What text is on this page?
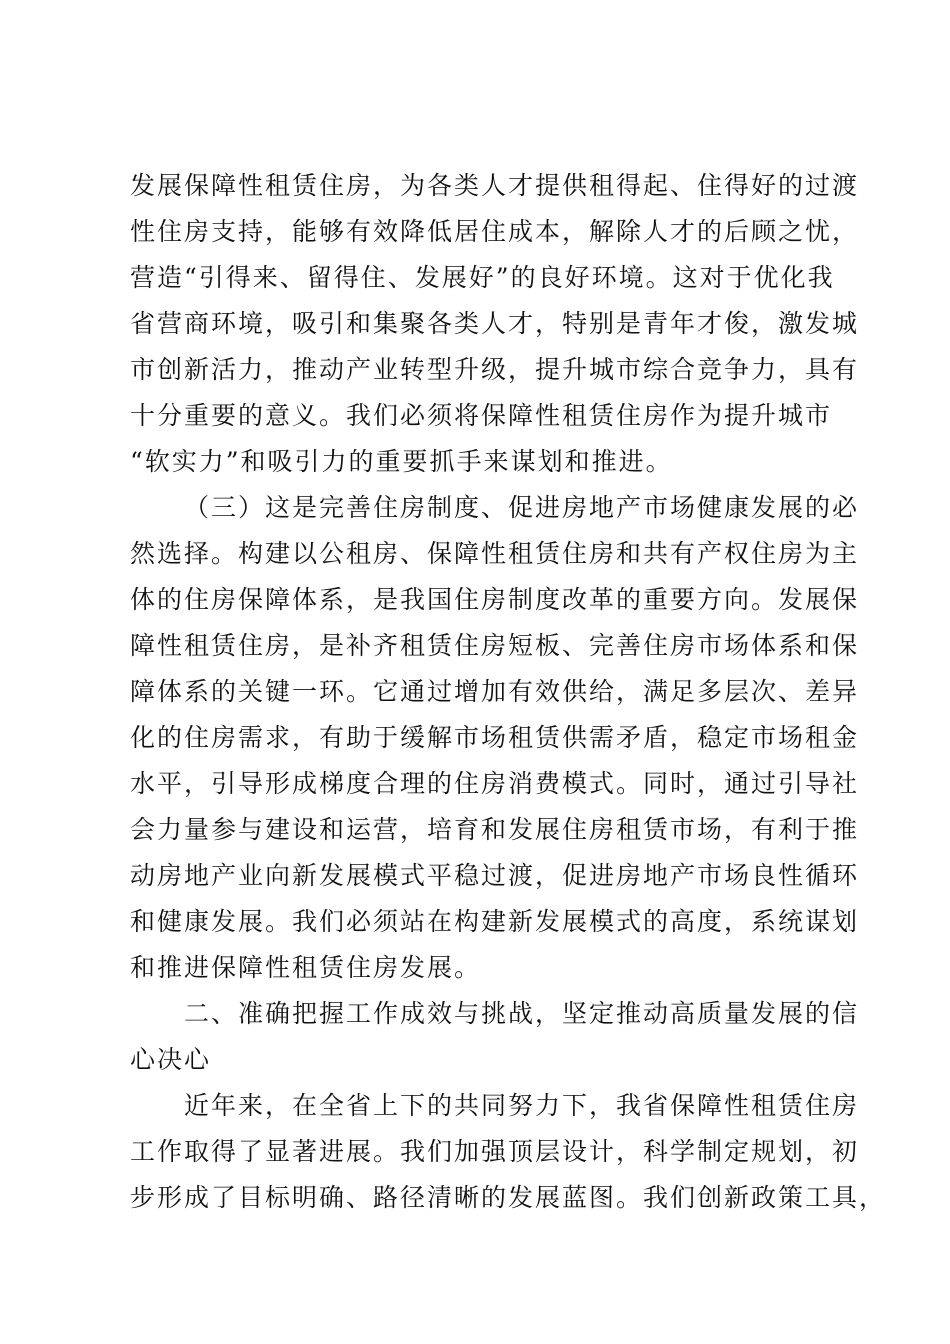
发展保障性租赁住房，为各类人才提供租得起、住得好的过渡
性住房支持，能够有效降低居住成本，解除人才的后顾之忧，
营造“引得来、留得住、发展好”的良好环境。这对于优化我
省营商环境，吸引和集聚各类人才，特别是青年才俊，激发城
市创新活力，推动产业转型升级，提升城市综合竞争力，具有
十分重要的意义。我们必须将保障性租赁住房作为提升城市
“软实力”和吸引力的重要抓手来谋划和推进。
（三）这是完善住房制度、促进房地产市场健康发展的必
然选择。构建以公租房、保障性租赁住房和共有产权住房为主
体的住房保障体系，是我国住房制度改革的重要方向。发展保
障性租赁住房，是补齐租赁住房短板、完善住房市场体系和保
障体系的关键一环。它通过增加有效供给，满足多层次、差异
化的住房需求，有助于缓解市场租赁供需矛盾，稳定市场租金
水平，引导形成梯度合理的住房消费模式。同时，通过引导社
会力量参与建设和运营，培育和发展住房租赁市场，有利于推
动房地产业向新发展模式平稳过渡，促进房地产市场良性循环
和健康发展。我们必须站在构建新发展模式的高度，系统谋划
和推进保障性租赁住房发展。
二、准确把握工作成效与挑战，坚定推动高质量发展的信
心决心
近年来，在全省上下的共同努力下，我省保障性租赁住房
工作取得了显著进展。我们加强顶层设计，科学制定规划，初
步形成了目标明确、路径清晰的发展蓝图。我们创新政策工具，
